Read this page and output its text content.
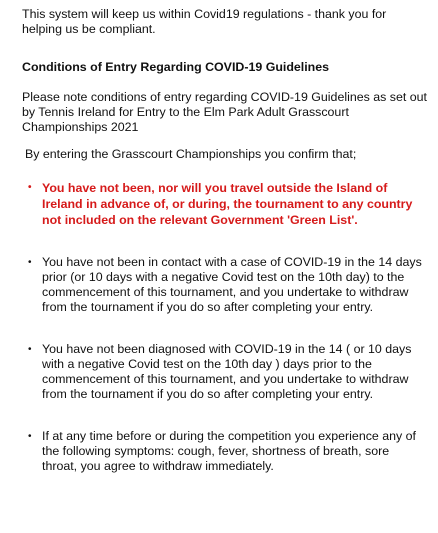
This system will keep us within Covid19 regulations - thank you for helping us be compliant.

Conditions of Entry Regarding COVID-19 Guidelines

Please note conditions of entry regarding COVID-19 Guidelines as set out by Tennis Ireland for Entry to the Elm Park Adult Grasscourt Championships 2021

By entering the Grasscourt Championships you confirm that;

• You have not been, nor will you travel outside the Island of Ireland in advance of, or during, the tournament to any country not included on the relevant Government 'Green List'.
• You have not been in contact with a case of COVID-19 in the 14 days prior (or 10 days with a negative Covid test on the 10th day) to the commencement of this tournament, and you undertake to withdraw from the tournament if you do so after completing your entry.
• You have not been diagnosed with COVID-19 in the 14 ( or 10 days with a negative Covid test on the 10th day ) days prior to the commencement of this tournament, and you undertake to withdraw from the tournament if you do so after completing your entry.
• If at any time before or during the competition you experience any of the following symptoms: cough, fever, shortness of breath, sore throat, you agree to withdraw immediately.
